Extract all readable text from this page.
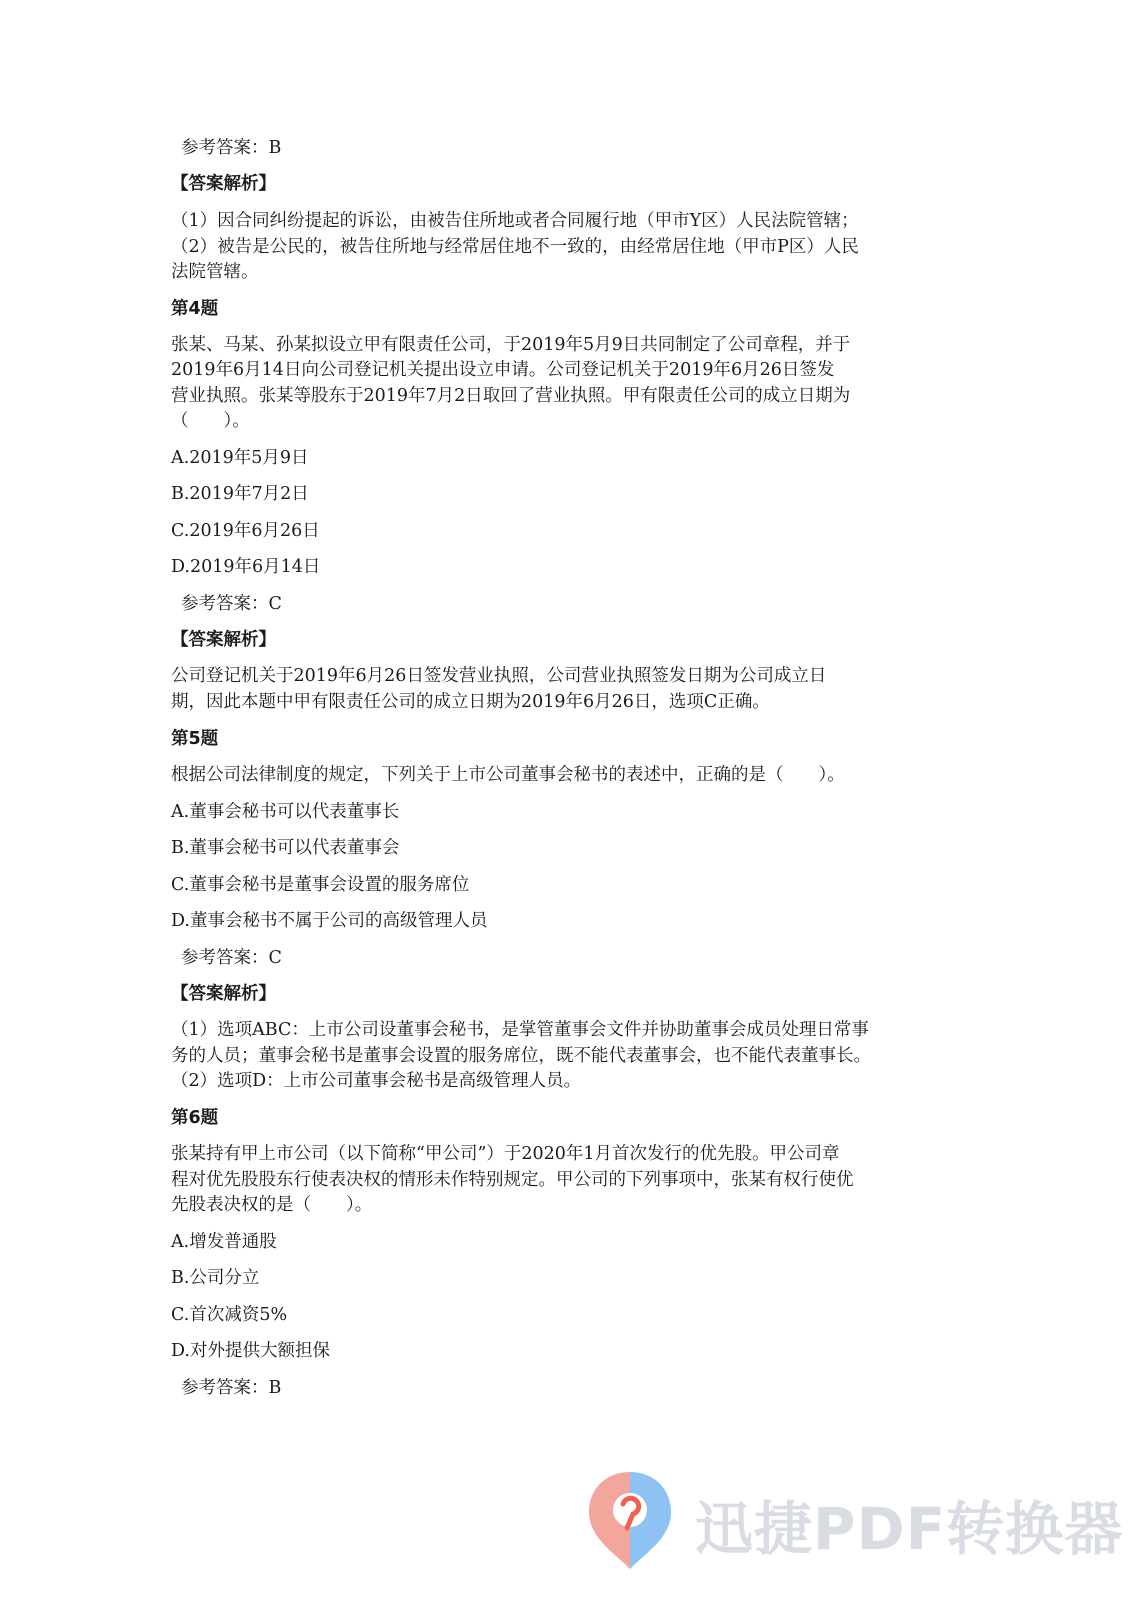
参考答案：B
【答案解析】
（1）因合同纠纷提起的诉讼，由被告住所地或者合同履行地（甲市Y区）人民法院管辖；
（2）被告是公民的，被告住所地与经常居住地不一致的，由经常居住地（甲市P区）人民
法院管辖。
第4题
张某、马某、孙某拟设立甲有限责任公司，于2019年5月9日共同制定了公司章程，并于
2019年6月14日向公司登记机关提出设立申请。公司登记机关于2019年6月26日签发
营业执照。张某等股东于2019年7月2日取回了营业执照。甲有限责任公司的成立日期为
（　　）。
A.2019年5月9日
B.2019年7月2日
C.2019年6月26日
D.2019年6月14日
参考答案：C
【答案解析】
公司登记机关于2019年6月26日签发营业执照，公司营业执照签发日期为公司成立日
期，因此本题中甲有限责任公司的成立日期为2019年6月26日，选项C正确。
第5题
根据公司法律制度的规定，下列关于上市公司董事会秘书的表述中，正确的是（　　）。
A.董事会秘书可以代表董事长
B.董事会秘书可以代表董事会
C.董事会秘书是董事会设置的服务席位
D.董事会秘书不属于公司的高级管理人员
参考答案：C
【答案解析】
（1）选项ABC：上市公司设董事会秘书，是掌管董事会文件并协助董事会成员处理日常事
务的人员；董事会秘书是董事会设置的服务席位，既不能代表董事会，也不能代表董事长。
（2）选项D：上市公司董事会秘书是高级管理人员。
第6题
张某持有甲上市公司（以下简称“甲公司”）于2020年1月首次发行的优先股。甲公司章
程对优先股股东行使表决权的情形未作特别规定。甲公司的下列事项中，张某有权行使优
先股表决权的是（　　）。
A.增发普通股
B.公司分立
C.首次减资5%
D.对外提供大额担保
参考答案：B
迅捷PDF转换器
